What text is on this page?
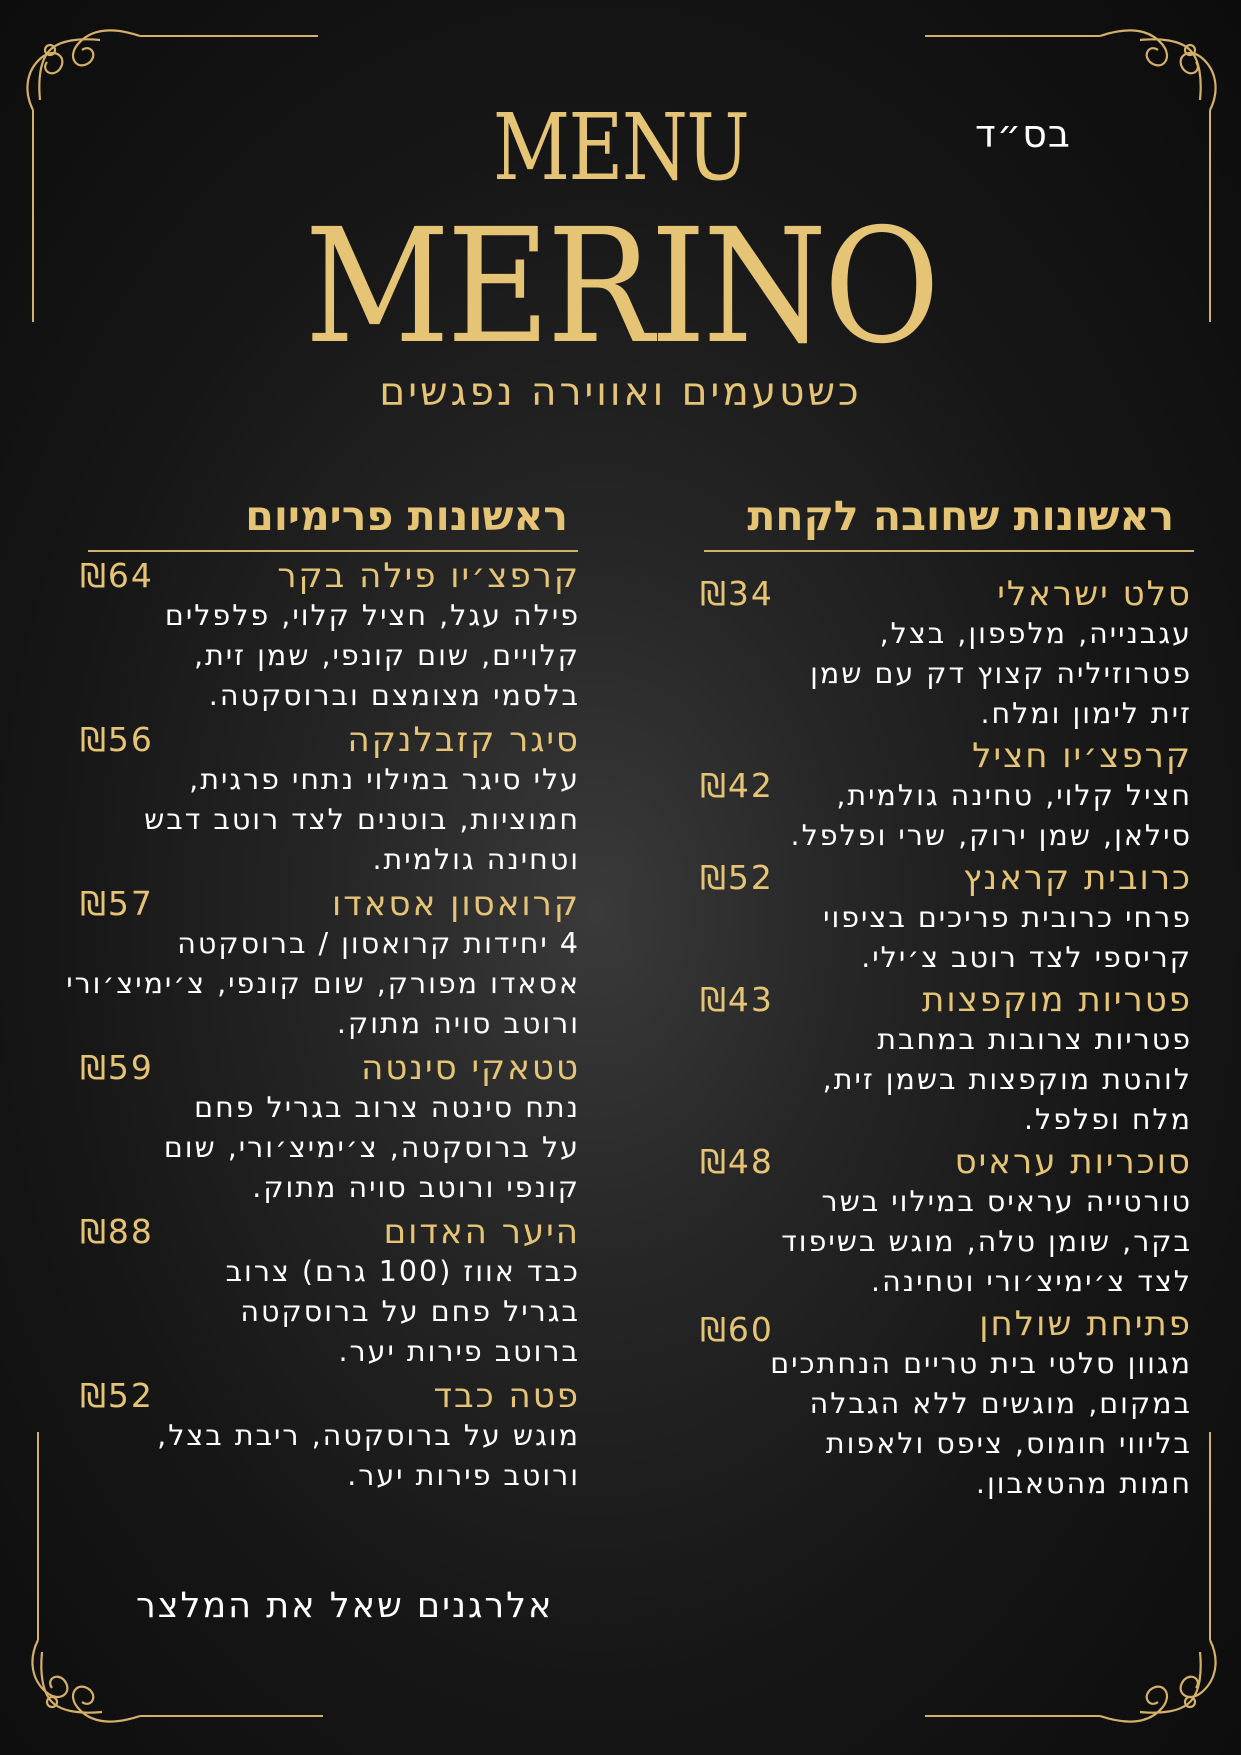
בס״ד
MENU
MERINO
כשטעמים ואווירה נפגשים
ראשונות שחובה לקחת
סלט ישראלי
₪34

עגבנייה, מלפפון, בצל,
פטרוזיליה קצוץ דק עם שמן
זית לימון ומלח.

קרפצ׳יו חציל
₪42	חציל קלוי, טחינה גולמית,
סילאן, שמן ירוק, שרי ופלפל.

כרובית קראנץ
₪52

פרחי כרובית פריכים בציפוי
קריספי לצד רוטב צ׳ילי.

פטריות מוקפצות
₪43

פטריות צרובות במחבת
לוהטת מוקפצות בשמן זית,
מלח ופלפל.

סוכריות עראיס
₪48

טורטייה עראיס במילוי בשר
בקר, שומן טלה, מוגש בשיפוד
לצד צ׳ימיצ׳ורי וטחינה.

פתיחת שולחן
₪60

מגוון סלטי בית טריים הנחתכים
במקום, מוגשים ללא הגבלה
בליווי חומוס, ציפס ולאפות
חמות מהטאבון.

ראשונות פרימיום
קרפצ׳יו פילה בקר
₪64

פילה עגל, חציל קלוי, פלפלים
קלויים, שום קונפי, שמן זית,
בלסמי מצומצם וברוסקטה.

סיגר קזבלנקה
₪56

עלי סיגר במילוי נתחי פרגית,
חמוציות, בוטנים לצד רוטב דבש
וטחינה גולמית.

קרואסון אסאדו
₪57

4 יחידות קרואסון / ברוסקטה
אסאדו מפורק, שום קונפי, צ׳ימיצ׳ורי
ורוטב סויה מתוק.

טטאקי סינטה
₪59

נתח סינטה צרוב בגריל פחם
על ברוסקטה, צ׳ימיצ׳ורי, שום
קונפי ורוטב סויה מתוק.

היער האדום
₪88

כבד אווז (100 גרם) צרוב
בגריל פחם על ברוסקטה
ברוטב פירות יער.

פטה כבד
₪52

מוגש על ברוסקטה, ריבת בצל,
ורוטב פירות יער.

אלרגנים שאל את המלצר
